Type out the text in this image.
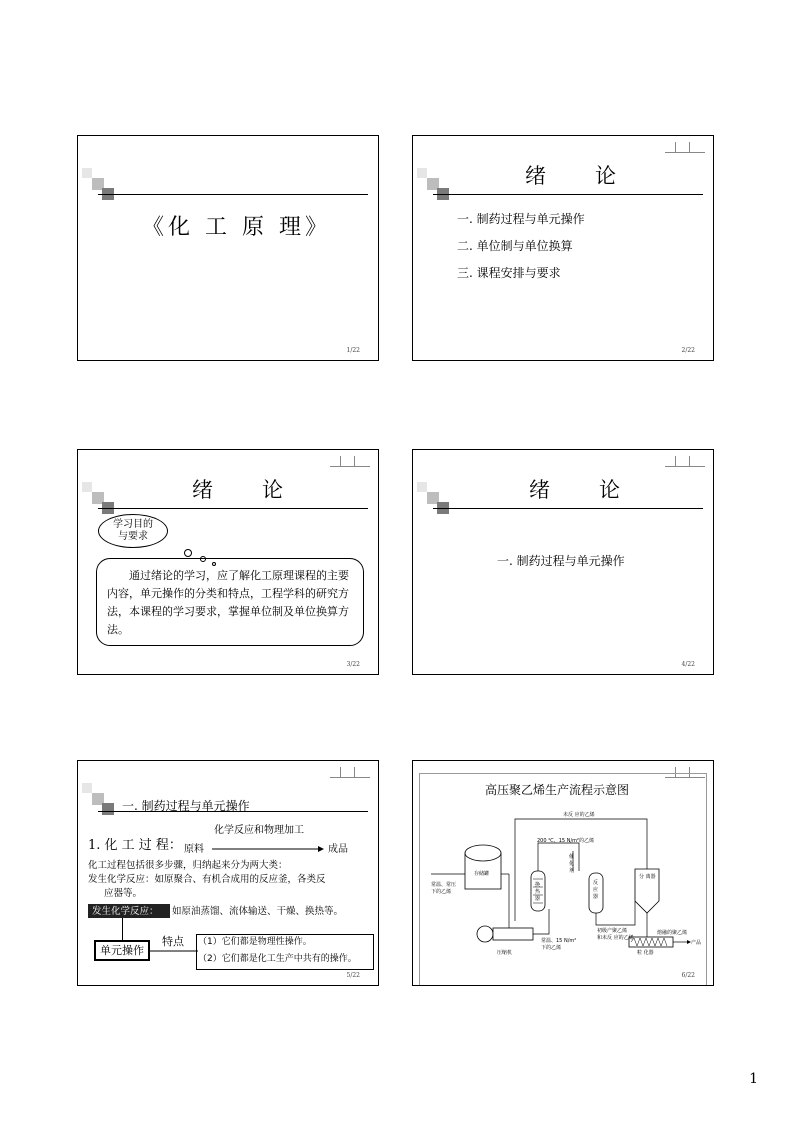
《化 工 原 理》
1/22
绪　论
一. 制药过程与单元操作
二. 单位制与单位换算
三. 课程安排与要求
2/22
绪　论
学习目的
与要求
通过绪论的学习，应了解化工原理课程的主要内容，单元操作的分类和特点，工程学科的研究方法，本课程的学习要求，掌握单位制及单位换算方法。
3/22
绪　论
一. 制药过程与单元操作
4/22
一. 制药过程与单元操作
1. 化 工 过 程：
化学反应和物理加工
原料	成品
化工过程包括很多步骤，归纳起来分为两大类：
发生化学反应：如原聚合、有机合成用的反应釜，各类反
应器等。
发生化学反应： 如原油蒸馏、流体输送、干燥、换热等。
单元操作
特点 （1）它们都是物理性操作。
（2）它们都是化工生产中共有的操作。
5/22
高压聚乙烯生产流程示意图
未反 应的乙烯
存储罐
常温、常压
下的乙烯
换
热
器
催
化
剂
反
应
器
分 离器
压缩机
200 ℃、15 N/m²的乙烯
常温、15 N/m²
下的乙烯
初级产聚乙烯
和未反 应的乙烯
熔融的聚乙烯
粒 化器
产品
6/22
1
